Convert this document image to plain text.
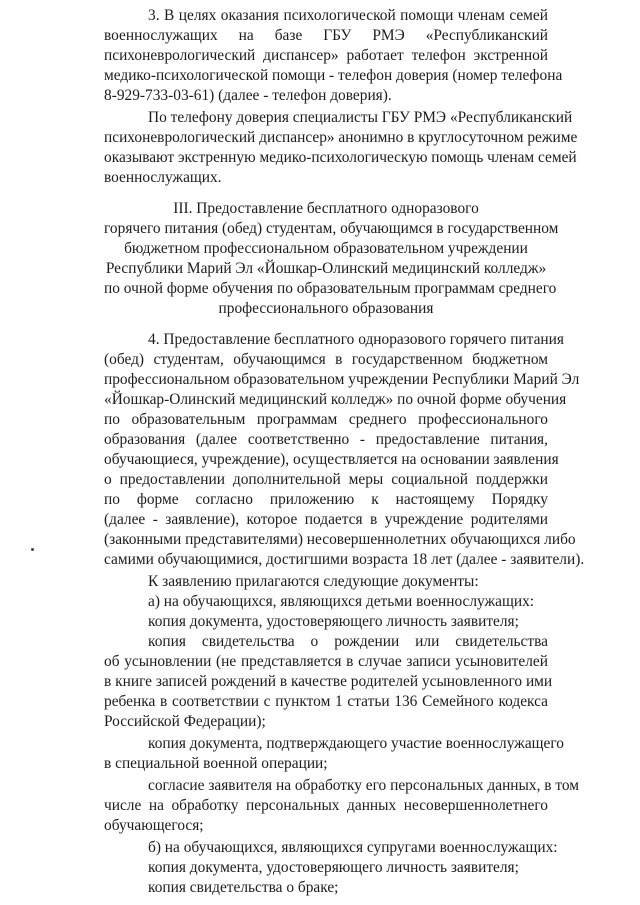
3. В целях оказания психологической помощи членам семей
военнослужащих на базе ГБУ РМЭ «Республиканский
психоневрологический диспансер» работает телефон экстренной
медико-психологической помощи - телефон доверия (номер телефона
8-929-733-03-61) (далее - телефон доверия).
По телефону доверия специалисты ГБУ РМЭ «Республиканский
психоневрологический диспансер» анонимно в круглосуточном режиме
оказывают экстренную медико-психологическую помощь членам семей
военнослужащих.
III. Предоставление бесплатного одноразового
горячего питания (обед) студентам, обучающимся в государственном
бюджетном профессиональном образовательном учреждении
Республики Марий Эл «Йошкар-Олинский медицинский колледж»
по очной форме обучения по образовательным программам среднего
профессионального образования
4. Предоставление бесплатного одноразового горячего питания
(обед) студентам, обучающимся в государственном бюджетном
профессиональном образовательном учреждении Республики Марий Эл
«Йошкар-Олинский медицинский колледж» по очной форме обучения
по образовательным программам среднего профессионального
образования (далее соответственно - предоставление питания,
обучающиеся, учреждение), осуществляется на основании заявления
о предоставлении дополнительной меры социальной поддержки
по форме согласно приложению к настоящему Порядку
(далее - заявление), которое подается в учреждение родителями
(законными представителями) несовершеннолетних обучающихся либо
самими обучающимися, достигшими возраста 18 лет (далее - заявители).
К заявлению прилагаются следующие документы:
а) на обучающихся, являющихся детьми военнослужащих:
копия документа, удостоверяющего личность заявителя;
копия свидетельства о рождении или свидетельства
об усыновлении (не представляется в случае записи усыновителей
в книге записей рождений в качестве родителей усыновленного ими
ребенка в соответствии с пунктом 1 статьи 136 Семейного кодекса
Российской Федерации);
копия документа, подтверждающего участие военнослужащего
в специальной военной операции;
согласие заявителя на обработку его персональных данных, в том
числе на обработку персональных данных несовершеннолетнего
обучающегося;
б) на обучающихся, являющихся супругами военнослужащих:
копия документа, удостоверяющего личность заявителя;
копия свидетельства о браке;
